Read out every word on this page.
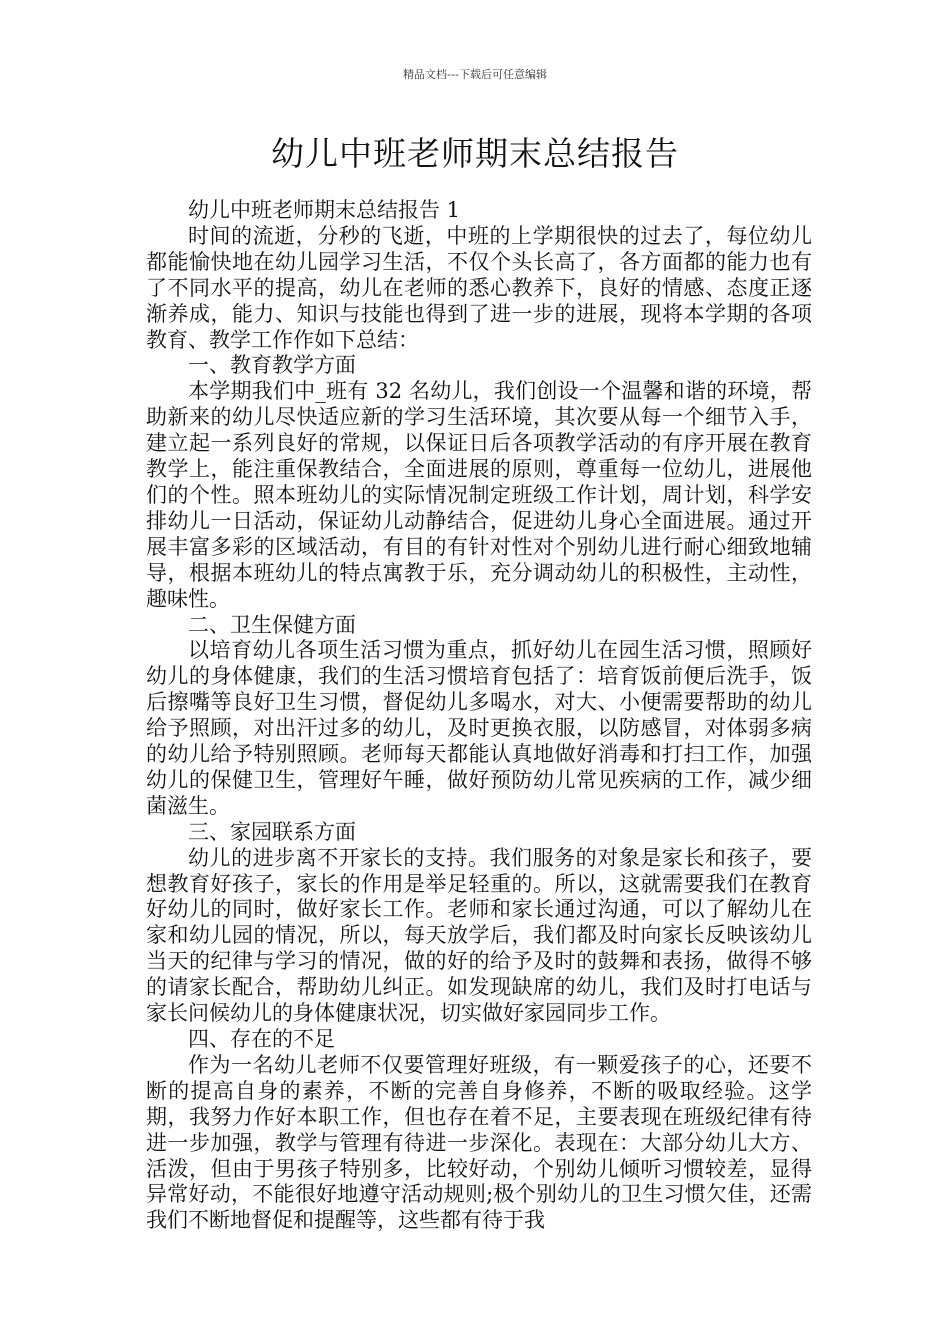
精品文档---下载后可任意编辑
幼儿中班老师期末总结报告

幼儿中班老师期末总结报告 1

时间的流逝，分秒的飞逝，中班的上学期很快的过去了，每位幼儿都能愉快地在幼儿园学习生活，不仅个头长高了，各方面都的能力也有了不同水平的提高，幼儿在老师的悉心教养下，良好的情感、态度正逐渐养成，能力、知识与技能也得到了进一步的进展，现将本学期的各项教育、教学工作作如下总结：

一、教育教学方面

本学期我们中_班有 32 名幼儿，我们创设一个温馨和谐的环境，帮助新来的幼儿尽快适应新的学习生活环境，其次要从每一个细节入手，建立起一系列良好的常规，以保证日后各项教学活动的有序开展在教育教学上，能注重保教结合，全面进展的原则，尊重每一位幼儿，进展他们的个性。照本班幼儿的实际情况制定班级工作计划，周计划，科学安排幼儿一日活动，保证幼儿动静结合，促进幼儿身心全面进展。通过开展丰富多彩的区域活动，有目的有针对性对个别幼儿进行耐心细致地辅导，根据本班幼儿的特点寓教于乐，充分调动幼儿的积极性，主动性，趣味性。

二、卫生保健方面

以培育幼儿各项生活习惯为重点，抓好幼儿在园生活习惯，照顾好幼儿的身体健康，我们的生活习惯培育包括了：培育饭前便后洗手，饭后擦嘴等良好卫生习惯，督促幼儿多喝水，对大、小便需要帮助的幼儿给予照顾，对出汗过多的幼儿，及时更换衣服，以防感冒，对体弱多病的幼儿给予特别照顾。老师每天都能认真地做好消毒和打扫工作，加强幼儿的保健卫生，管理好午睡，做好预防幼儿常见疾病的工作，减少细菌滋生。

三、家园联系方面

幼儿的进步离不开家长的支持。我们服务的对象是家长和孩子，要想教育好孩子，家长的作用是举足轻重的。所以，这就需要我们在教育好幼儿的同时，做好家长工作。老师和家长通过沟通，可以了解幼儿在家和幼儿园的情况，所以，每天放学后，我们都及时向家长反映该幼儿当天的纪律与学习的情况，做的好的给予及时的鼓舞和表扬，做得不够的请家长配合，帮助幼儿纠正。如发现缺席的幼儿，我们及时打电话与家长问候幼儿的身体健康状况，切实做好家园同步工作。

四、存在的不足

作为一名幼儿老师不仅要管理好班级，有一颗爱孩子的心，还要不断的提高自身的素养，不断的完善自身修养，不断的吸取经验。这学期，我努力作好本职工作，但也存在着不足，主要表现在班级纪律有待进一步加强，教学与管理有待进一步深化。表现在：大部分幼儿大方、活泼，但由于男孩子特别多，比较好动，个别幼儿倾听习惯较差，显得异常好动，不能很好地遵守活动规则;极个别幼儿的卫生习惯欠佳，还需我们不断地督促和提醒等，这些都有待于我
